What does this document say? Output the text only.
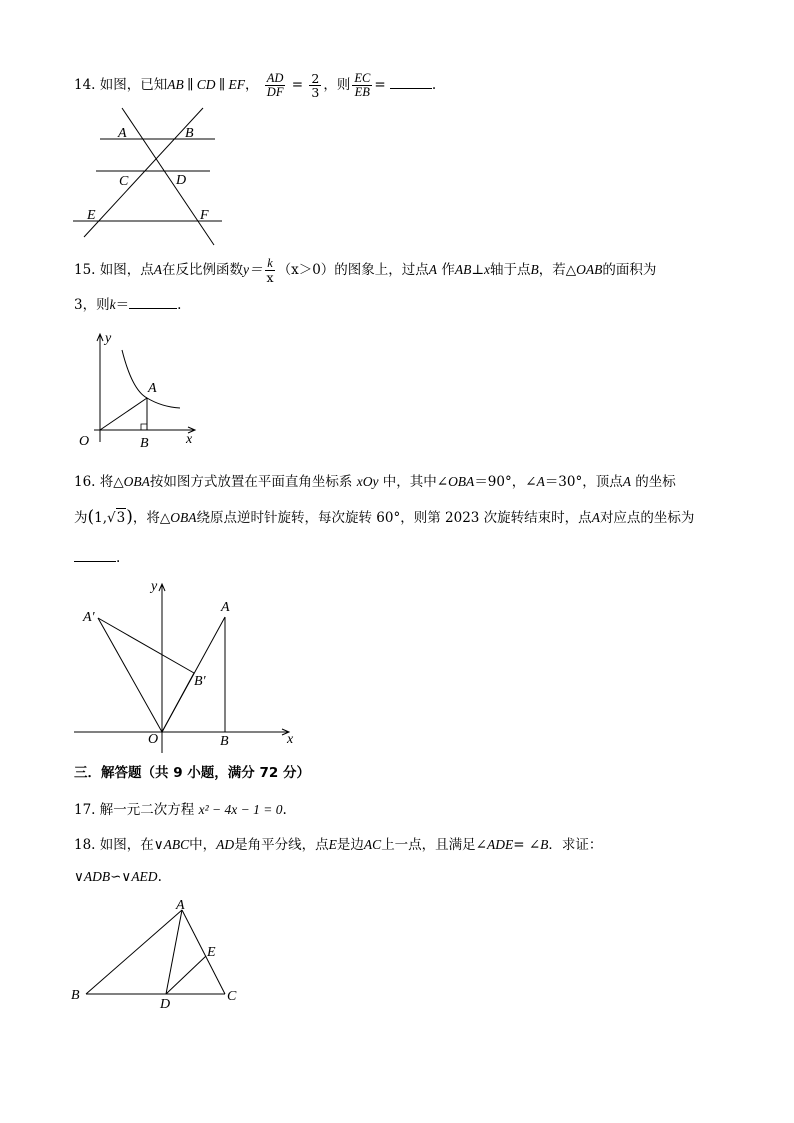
14. 如图，已知AB ∥ CD ∥ EF， $\frac{AD}{DF} = \frac{2}{3}$ ，则 $\frac{EC}{EB}$ =	.
A	B
C	D
E	F
15. 如图，点A在反比例函数$y= \frac{k}{x} (x>0)$的图象上，过点A 作AB⊥x轴于点B，若△OAB的面积为
3，则k＝	.
y
A
O	B	x
16. 将△OBA按如图方式放置在平面直角坐标系 xOy 中，其中∠OBA＝90°，∠A＝30°，顶点A 的坐标
为(1,√3)，将△OBA绕原点逆时针旋转，每次旋转 60°，则第 2023 次旋转结束时，点A对应点的坐标为
.
y
A′
A
B′
O	B	x
三．解答题（共 9 小题，满分 72 分）
17. 解一元二次方程 x² − 4x − 1 = 0.
18. 如图，在∨ABC中，AD是角平分线，点E是边AC上一点，且满足∠ADE= ∠B．求证：
∨ADB∽∨AED.
A
E
B
D
C
